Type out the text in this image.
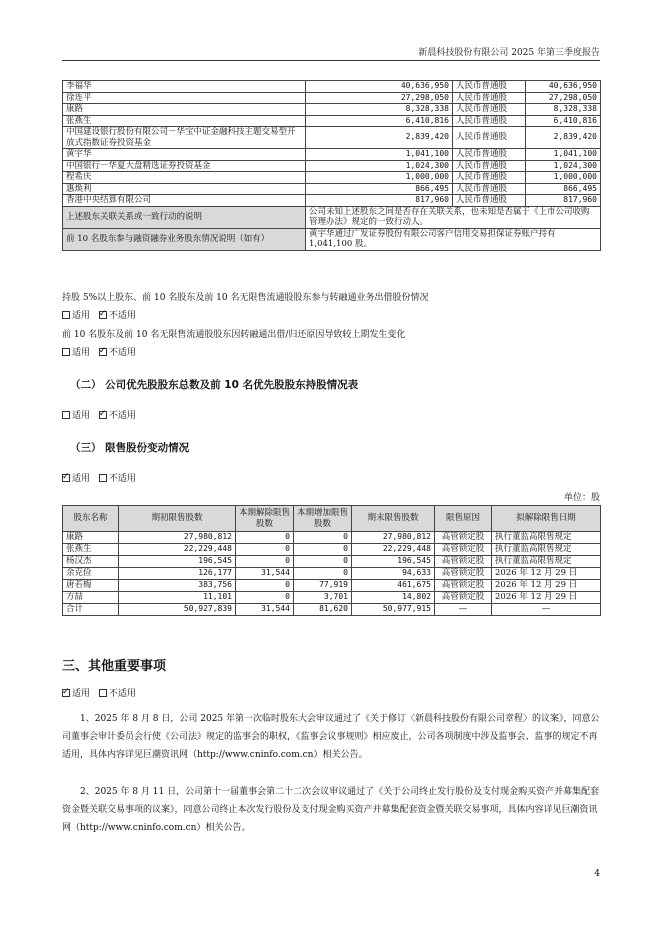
新晨科技股份有限公司 2025 年第三季度报告
股东名称	期初限售股数	本期解除限售股数	本期增加限售股数	期末限售股数	限售原因	拟解除限售日期
康路	27,980,812	0	0	27,980,812	高管锁定股	执行董监高限售规定
张燕生	22,229,448	0	0	22,229,448	高管锁定股	执行董监高限售规定
杨汉杰	196,545	0	0	196,545	高管锁定股	执行董监高限售规定
余克俭	126,177	31,544	0	94,633	高管锁定股	2026 年 12 月 29 日
唐若梅	383,756	0	77,919	461,675	高管锁定股	2026 年 12 月 29 日
方喆	11,101	0	3,701	14,802	高管锁定股	2026 年 12 月 29 日
合计	50,927,839	31,544	81,620	50,977,915	—	—
持股 5%以上股东、前 10 名股东及前 10 名无限售流通股股东参与转融通业务出借股份情况
适用 ✓ 不适用
前 10 名股东及前 10 名无限售流通股股东因转融通出借/归还原因导致较上期发生变化
适用 ✓ 不适用
（二） 公司优先股股东总数及前 10 名优先股股东持股情况表
适用 ✓ 不适用
（三） 限售股份变动情况
✓适用 不适用
单位：股
三、其他重要事项
✓适用 不适用
1、2025 年 8 月 8 日，公司 2025 年第一次临时股东大会审议通过了《关于修订〈新晨科技股份有限公司章程〉的议案》，同意公司董事会审计委员会行使《公司法》规定的监事会的职权，《监事会议事规则》相应废止，公司各项制度中涉及监事会、监事的规定不再适用，具体内容详见巨潮资讯网（http://www.cninfo.com.cn）相关公告。
2、2025 年 8 月 11 日，公司第十一届董事会第二十二次会议审议通过了《关于公司终止发行股份及支付现金购买资产并募集配套资金暨关联交易事项的议案》，同意公司终止本次发行股份及支付现金购买资产并募集配套资金暨关联交易事项，具体内容详见巨潮资讯网（http://www.cninfo.com.cn）相关公告。
4
李福华	40,636,950	人民币普通股	40,636,950
徐连平	27,298,050	人民币普通股	27,298,050
康路	8,328,338	人民币普通股	8,328,338
张燕生	6,410,816	人民币普通股	6,410,816
中国建设银行股份有限公司－华宝中证金融科技主题交易型开放式指数证券投资基金	2,839,420	人民币普通股	2,839,420
黄宇华	1,041,100	人民币普通股	1,041,100
中国银行－华夏大盘精选证券投资基金	1,024,300	人民币普通股	1,024,300
程希庆	1,000,000	人民币普通股	1,000,000
惠焕利	866,495	人民币普通股	866,495
香港中央结算有限公司	817,960	人民币普通股	817,960
上述股东关联关系或一致行动的说明	公司未知上述股东之间是否存在关联关系，也未知是否属于《上市公司收购管理办法》规定的一致行动人。		
前 10 名股东参与融资融券业务股东情况说明（如有）	黄宇华通过广发证券股份有限公司客户信用交易担保证券账户持有 1,041,100 股。		
